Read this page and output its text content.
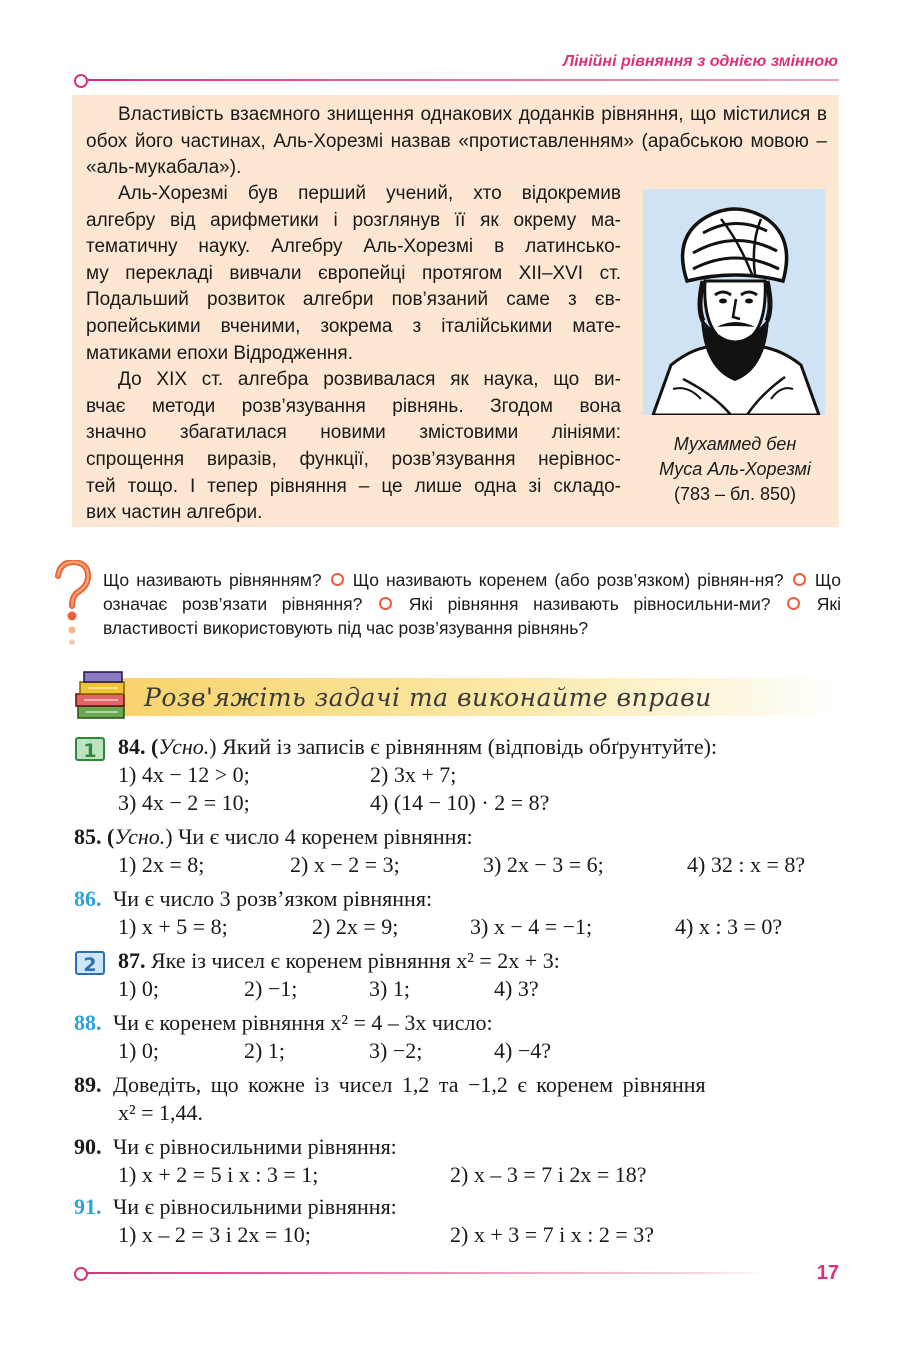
Лінійні рівняння з однією змінною
Властивість взаємного знищення однакових доданків рівняння, що містилися в обох його частинах, Аль-Хорезмі назвав «протиставленням» (арабською мовою – «аль-мукабала»).
Аль-Хорезмі був перший учений, хто відокремив
алгебру від арифметики і розглянув її як окрему ма-
тематичну науку. Алгебру Аль-Хорезмі в латинсько-
му перекладі вивчали європейці протягом XII–XVI ст.
Подальший розвиток алгебри пов’язаний саме з єв-
ропейськими вченими, зокрема з італійськими мате-
матиками епохи Відродження.
До XIX ст. алгебра розвивалася як наука, що ви-
вчає методи розв’язування рівнянь. Згодом вона
значно збагатилася новими змістовими лініями:
спрощення виразів, функції, розв’язування нерівнос-
тей тощо. І тепер рівняння – це лише одна зі складо-
вих частин алгебри.
Мухаммед бен
Муса Аль-Хорезмі
(783 – бл. 850)
Що називають рівнянням? Що називають коренем (або розв’язком) рівнян-ня? Що означає розв’язати рівняння?	Які рівняння називають рівносильни-ми?	Які властивості використовують під час розв’язування рівнянь?
Розв'яжіть задачі та виконайте вправи
1 84. (Усно.) Який із записів є рівнянням (відповідь обґрунтуйте):
1) 4x − 12 > 0;	2) 3x + 7;
3) 4x − 2 = 10;	4) (14 − 10) · 2 = 8?
85. (Усно.) Чи є число 4 коренем рівняння:
1) 2x = 8;	2) x − 2 = 3;	3) 2x − 3 = 6;	4) 32 : x = 8?
86. Чи є число 3 розв’язком рівняння:
1) x + 5 = 8;	2) 2x = 9;	3) x − 4 = −1;	4) x : 3 = 0?
2 87. Яке із чисел є коренем рівняння x² = 2x + 3:
1) 0;	2) −1;	3) 1;	4) 3?
88. Чи є коренем рівняння x² = 4 – 3x число:
1) 0;	2) 1;	3) −2;	4) −4?
89. Доведіть, що кожне із чисел 1,2 та −1,2 є коренем рівняння
x² = 1,44.
90. Чи є рівносильними рівняння:
1) x + 2 = 5 і x : 3 = 1;	2) x – 3 = 7 і 2x = 18?
91. Чи є рівносильними рівняння:
1) x – 2 = 3 і 2x = 10;	2) x + 3 = 7 і x : 2 = 3?
17
